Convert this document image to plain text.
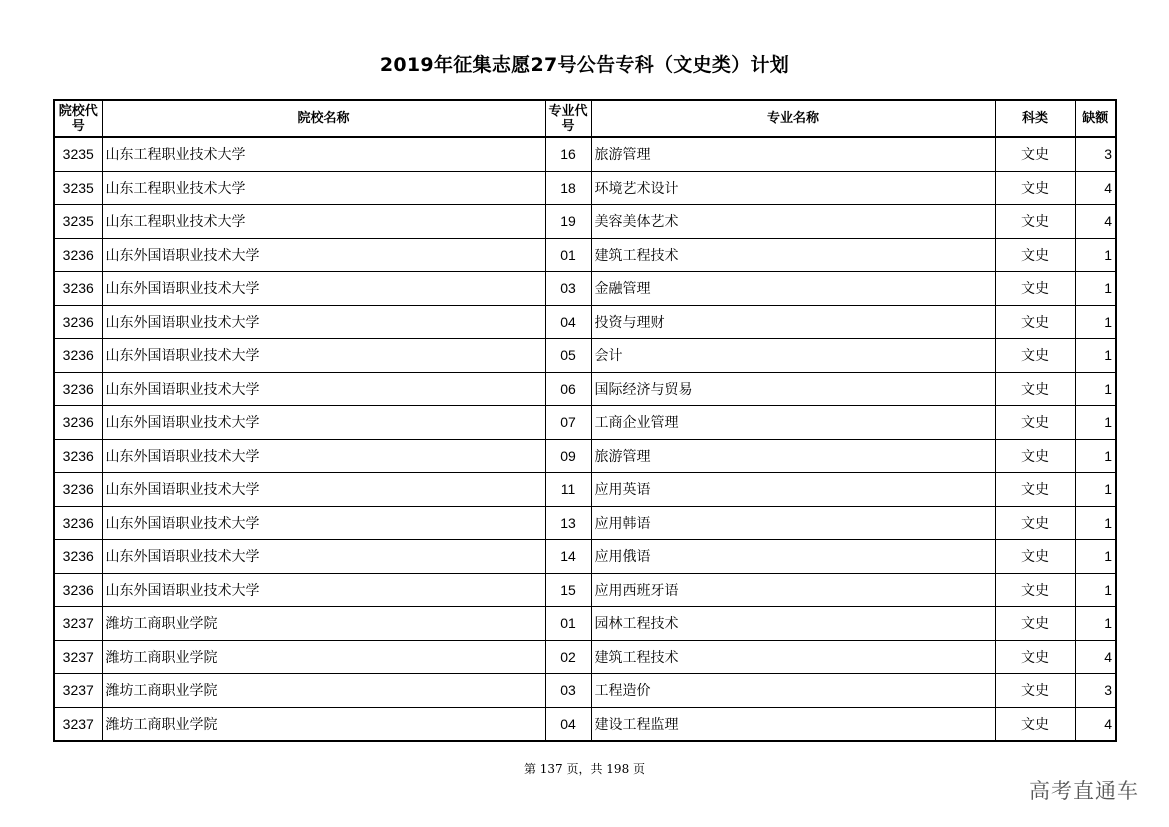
2019年征集志愿27号公告专科（文史类）计划
院校代号	院校名称	专业代号	专业名称	科类	缺额
3235	山东工程职业技术大学	16	旅游管理	文史	3
3235	山东工程职业技术大学	18	环境艺术设计	文史	4
3235	山东工程职业技术大学	19	美容美体艺术	文史	4
3236	山东外国语职业技术大学	01	建筑工程技术	文史	1
3236	山东外国语职业技术大学	03	金融管理	文史	1
3236	山东外国语职业技术大学	04	投资与理财	文史	1
3236	山东外国语职业技术大学	05	会计	文史	1
3236	山东外国语职业技术大学	06	国际经济与贸易	文史	1
3236	山东外国语职业技术大学	07	工商企业管理	文史	1
3236	山东外国语职业技术大学	09	旅游管理	文史	1
3236	山东外国语职业技术大学	11	应用英语	文史	1
3236	山东外国语职业技术大学	13	应用韩语	文史	1
3236	山东外国语职业技术大学	14	应用俄语	文史	1
3236	山东外国语职业技术大学	15	应用西班牙语	文史	1
3237	潍坊工商职业学院	01	园林工程技术	文史	1
3237	潍坊工商职业学院	02	建筑工程技术	文史	4
3237	潍坊工商职业学院	03	工程造价	文史	3
3237	潍坊工商职业学院	04	建设工程监理	文史	4
第 137 页，共 198 页
高考直通车
